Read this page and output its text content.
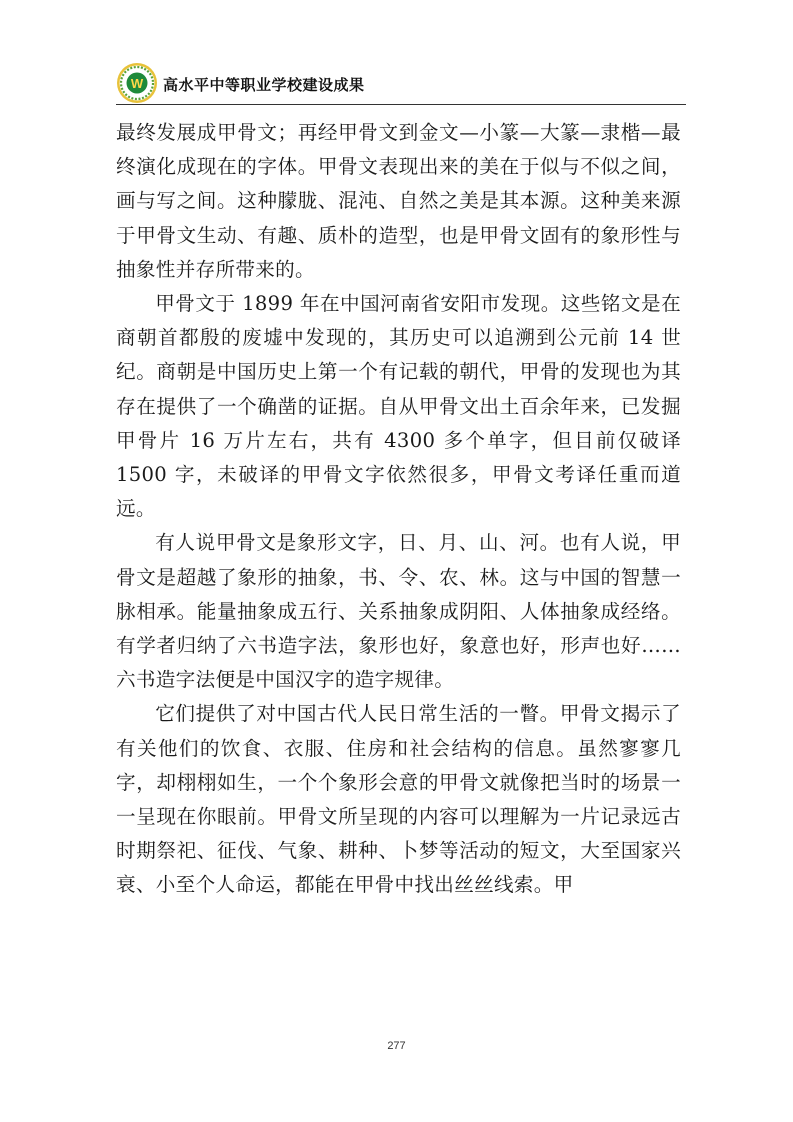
W 高水平中等职业学校建设成果

最终发展成甲骨文；再经甲骨文到金文—小篆—大篆—隶楷—最终演化成现在的字体。甲骨文表现出来的美在于似与不似之间，画与写之间。这种朦胧、混沌、自然之美是其本源。这种美来源于甲骨文生动、有趣、质朴的造型，也是甲骨文固有的象形性与抽象性并存所带来的。

甲骨文于 1899 年在中国河南省安阳市发现。这些铭文是在商朝首都殷的废墟中发现的，其历史可以追溯到公元前 14 世纪。商朝是中国历史上第一个有记载的朝代，甲骨的发现也为其存在提供了一个确凿的证据。自从甲骨文出土百余年来，已发掘甲骨片 16 万片左右，共有 4300 多个单字，但目前仅破译 1500 字，未破译的甲骨文字依然很多，甲骨文考译任重而道远。

有人说甲骨文是象形文字，日、月、山、河。也有人说，甲骨文是超越了象形的抽象，书、令、农、林。这与中国的智慧一脉相承。能量抽象成五行、关系抽象成阴阳、人体抽象成经络。有学者归纳了六书造字法，象形也好，象意也好，形声也好……六书造字法便是中国汉字的造字规律。

它们提供了对中国古代人民日常生活的一瞥。甲骨文揭示了有关他们的饮食、衣服、住房和社会结构的信息。虽然寥寥几字，却栩栩如生，一个个象形会意的甲骨文就像把当时的场景一一呈现在你眼前。甲骨文所呈现的内容可以理解为一片记录远古时期祭祀、征伐、气象、耕种、卜梦等活动的短文，大至国家兴衰、小至个人命运，都能在甲骨中找出丝丝线索。甲

277
